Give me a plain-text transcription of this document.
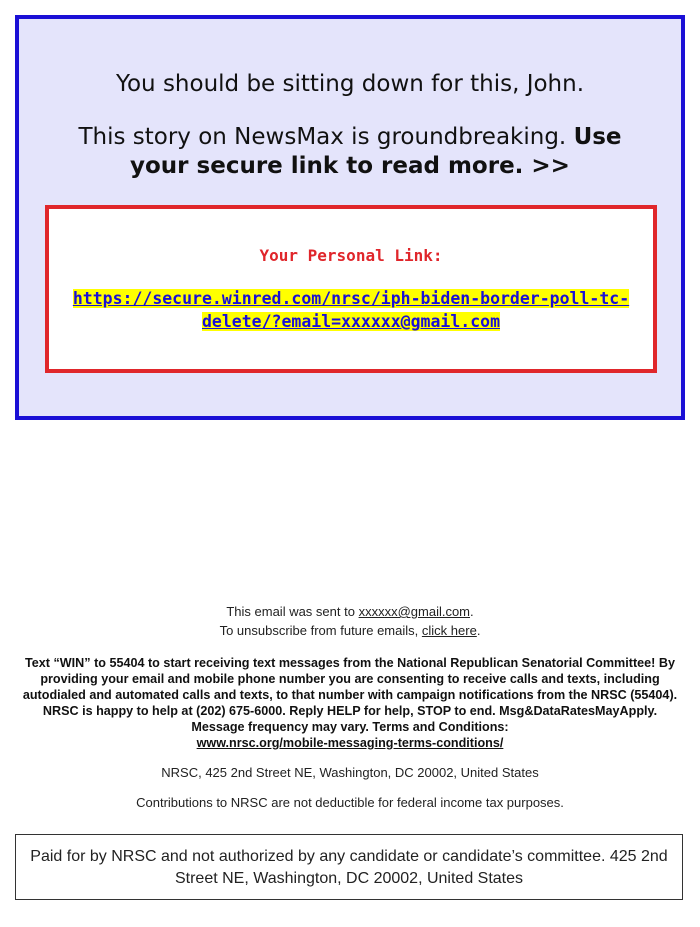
You should be sitting down for this, John.
This story on NewsMax is groundbreaking. Use your secure link to read more. >>
Your Personal Link:
https://secure.winred.com/nrsc/iph-biden-border-poll-tc-delete/?email=xxxxxx@gmail.com
This email was sent to xxxxxx@gmail.com.
To unsubscribe from future emails, click here.
Text “WIN” to 55404 to start receiving text messages from the National Republican Senatorial Committee! By providing your email and mobile phone number you are consenting to receive calls and texts, including autodialed and automated calls and texts, to that number with campaign notifications from the NRSC (55404). NRSC is happy to help at (202) 675-6000. Reply HELP for help, STOP to end. Msg&DataRatesMayApply. Message frequency may vary. Terms and Conditions:
www.nrsc.org/mobile-messaging-terms-conditions/
NRSC, 425 2nd Street NE, Washington, DC 20002, United States
Contributions to NRSC are not deductible for federal income tax purposes.
Paid for by NRSC and not authorized by any candidate or candidate’s committee. 425 2nd Street NE, Washington, DC 20002, United States
